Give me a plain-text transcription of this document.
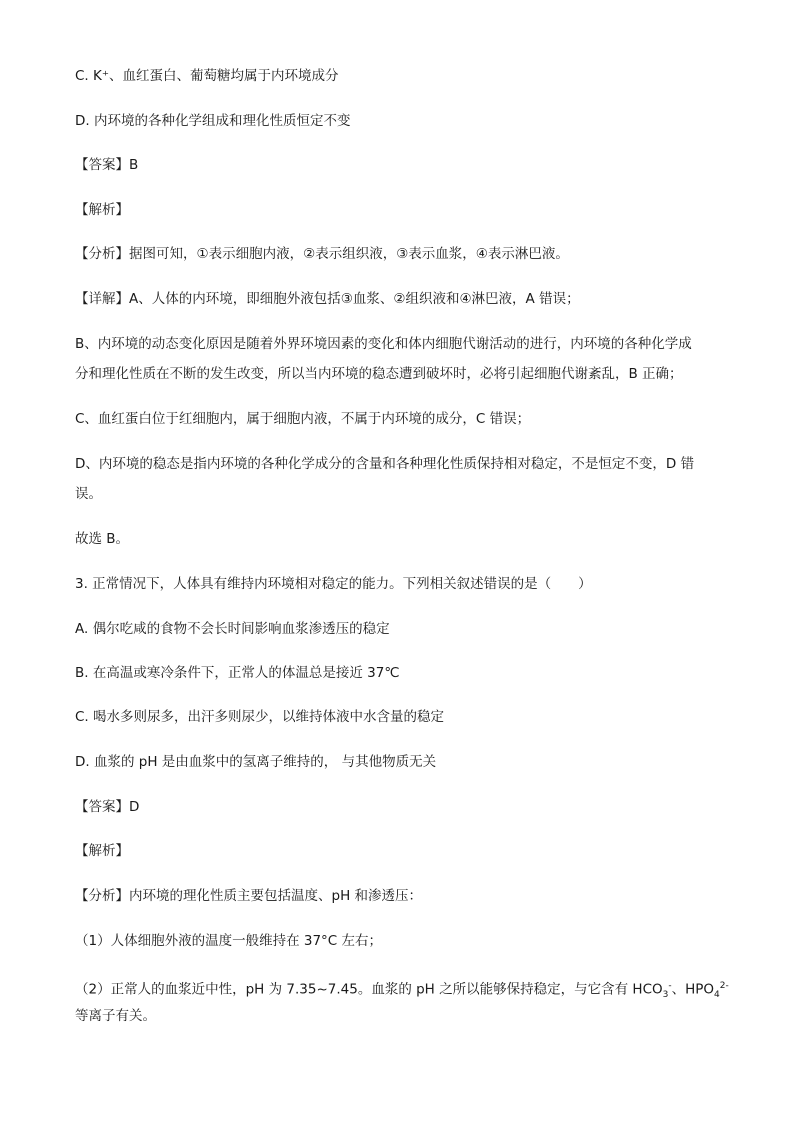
C. K⁺、血红蛋白、葡萄糖均属于内环境成分
D. 内环境的各种化学组成和理化性质恒定不变
【答案】B
【解析】
【分析】据图可知，①表示细胞内液，②表示组织液，③表示血浆，④表示淋巴液。
【详解】A、人体的内环境，即细胞外液包括③血浆、②组织液和④淋巴液，A 错误；
B、内环境的动态变化原因是随着外界环境因素的变化和体内细胞代谢活动的进行，内环境的各种化学成
分和理化性质在不断的发生改变，所以当内环境的稳态遭到破坏时，必将引起细胞代谢紊乱，B 正确；
C、血红蛋白位于红细胞内，属于细胞内液，不属于内环境的成分，C 错误；
D、内环境的稳态是指内环境的各种化学成分的含量和各种理化性质保持相对稳定，不是恒定不变，D 错
误。
故选 B。
3. 正常情况下，人体具有维持内环境相对稳定的能力。下列相关叙述错误的是（　　）
A. 偶尔吃咸的食物不会长时间影响血浆渗透压的稳定
B. 在高温或寒冷条件下，正常人的体温总是接近 37℃
C. 喝水多则尿多，出汗多则尿少，以维持体液中水含量的稳定
D. 血浆的 pH 是由血浆中的氢离子维持的， 与其他物质无关
【答案】D
【解析】
【分析】内环境的理化性质主要包括温度、pH 和渗透压：
（1）人体细胞外液的温度一般维持在 37°C 左右；
（2）正常人的血浆近中性，pH 为 7.35~7.45。血浆的 pH 之所以能够保持稳定，与它含有 $HCO_3^-$、$HPO_4^{2-}$
等离子有关。
